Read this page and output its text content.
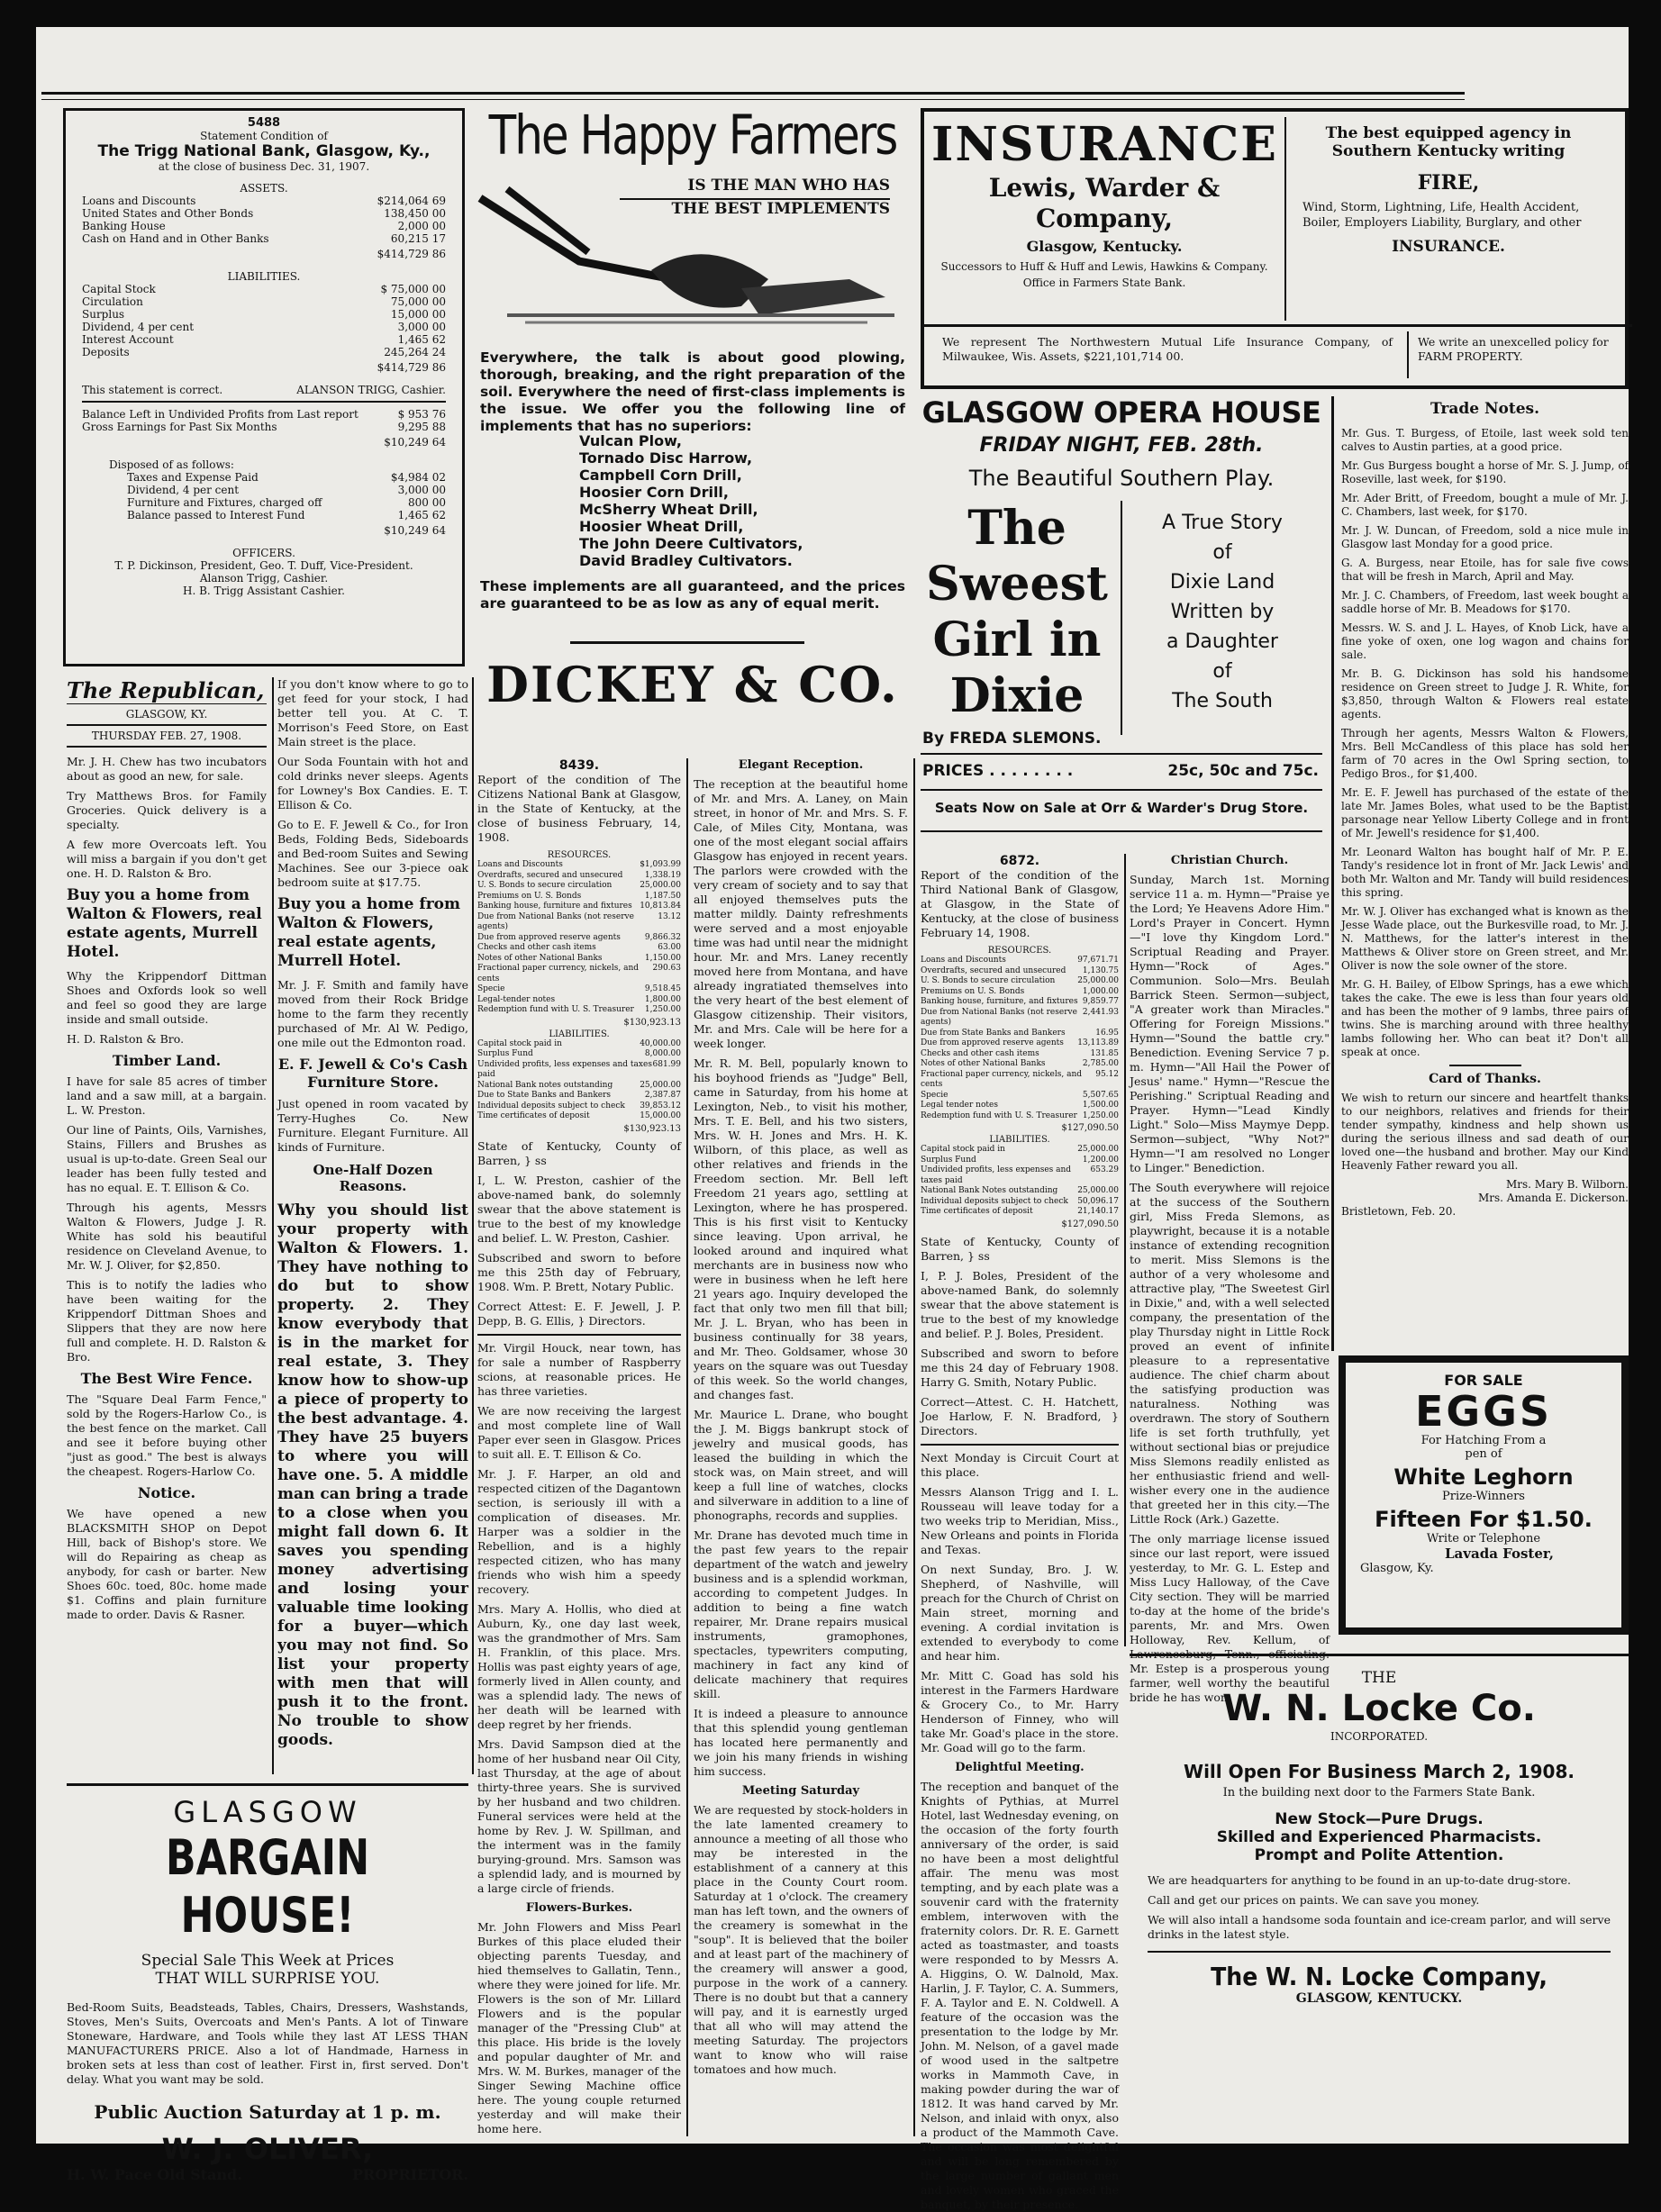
5488
Statement Condition of
The Trigg National Bank, Glasgow, Ky.,
at the close of business Dec. 31, 1907.
ASSETS.
Loans and Discounts	$214,064 69
United States and Other Bonds	138,450 00
Banking House	2,000 00
Cash on Hand and in Other Banks	60,215 17
$414,729 86
LIABILITIES.
Capital Stock	$ 75,000 00
Circulation	75,000 00
Surplus	15,000 00
Dividend, 4 per cent	3,000 00
Interest Account	1,465 62
Deposits	245,264 24
$414,729 86
This statement is correct.	ALANSON TRIGG, Cashier.
Balance Left in Undivided Profits from Last report	$ 953 76
Gross Earnings for Past Six Months	9,295 88
$10,249 64
Disposed of as follows:
Taxes and Expense Paid	$4,984 02
Dividend, 4 per cent	3,000 00
Furniture and Fixtures, charged off	800 00
Balance passed to Interest Fund	1,465 62
$10,249 64
OFFICERS.
T. P. Dickinson, President, Geo. T. Duff, Vice-President.
Alanson Trigg, Cashier.
H. B. Trigg Assistant Cashier.
The Happy Farmers
IS THE MAN WHO HAS
THE BEST IMPLEMENTS
Everywhere, the talk is about good plowing, thorough, breaking, and the right preparation of the soil. Everywhere the need of first-class implements is the issue. We offer you the following line of implements that has no superiors:
Vulcan Plow,
Tornado Disc Harrow,
Campbell Corn Drill,
Hoosier Corn Drill,
McSherry Wheat Drill,
Hoosier Wheat Drill,
The John Deere Cultivators,
David Bradley Cultivators.
These implements are all guaranteed, and the prices are guaranteed to be as low as any of equal merit.
DICKEY & CO.
INSURANCE
Lewis, Warder & Company,
Glasgow, Kentucky.
Successors to Huff & Huff and Lewis, Hawkins & Company.
Office in Farmers State Bank.
The best equipped agency in Southern Kentucky writing
FIRE,
Wind, Storm, Lightning, Life, Health Accident, Boiler, Employers Liability, Burglary, and other
INSURANCE.
We represent The Northwestern Mutual Life Insurance Company, of Milwaukee, Wis. Assets, $221,101,714 00.
We write an unexcelled policy for FARM PROPERTY.
GLASGOW OPERA HOUSE
FRIDAY NIGHT, FEB. 28th.
The Beautiful Southern Play.
The
Sweest
Girl in
Dixie
A True Story
of
Dixie Land
Written by
a Daughter
of
The South
By FREDA SLEMONS.
PRICES . . . . . . . .	25c, 50c and 75c.
Seats Now on Sale at Orr & Warder's Drug Store.
Trade Notes.

Mr. Gus. T. Burgess, of Etoile, last week sold ten calves to Austin parties, at a good price.

Mr. Gus Burgess bought a horse of Mr. S. J. Jump, of Roseville, last week, for $190.

Mr. Ader Britt, of Freedom, bought a mule of Mr. J. C. Chambers, last week, for $170.

Mr. J. W. Duncan, of Freedom, sold a nice mule in Glasgow last Monday for a good price.

G. A. Burgess, near Etoile, has for sale five cows that will be fresh in March, April and May.

Mr. J. C. Chambers, of Freedom, last week bought a saddle horse of Mr. B. Meadows for $170.

Messrs. W. S. and J. L. Hayes, of Knob Lick, have a fine yoke of oxen, one log wagon and chains for sale.

Mr. B. G. Dickinson has sold his handsome residence on Green street to Judge J. R. White, for $3,850, through Walton & Flowers real estate agents.

Through her agents, Messrs Walton & Flowers, Mrs. Bell McCandless of this place has sold her farm of 70 acres in the Owl Spring section, to Pedigo Bros., for $1,400.

Mr. E. F. Jewell has purchased of the estate of the late Mr. James Boles, what used to be the Baptist parsonage near Yellow Liberty College and in front of Mr. Jewell's residence for $1,400.

Mr. Leonard Walton has bought half of Mr. P. E. Tandy's residence lot in front of Mr. Jack Lewis' and both Mr. Walton and Mr. Tandy will build residences this spring.

Mr. W. J. Oliver has exchanged what is known as the Jesse Wade place, out the Burkesville road, to Mr. J. N. Matthews, for the latter's interest in the Matthews & Oliver store on Green street, and Mr. Oliver is now the sole owner of the store.

Mr. G. H. Bailey, of Elbow Springs, has a ewe which takes the cake. The ewe is less than four years old and has been the mother of 9 lambs, three pairs of twins. She is marching around with three healthy lambs following her. Who can beat it? Don't all speak at once.

Card of Thanks.

We wish to return our sincere and heartfelt thanks to our neighbors, relatives and friends for their tender sympathy, kindness and help shown us during the serious illness and sad death of our loved one—the husband and brother. May our Kind Heavenly Father reward you all.

Mrs. Mary B. Wilborn.
Mrs. Amanda E. Dickerson.
Bristletown, Feb. 20.
FOR SALE
EGGS
For Hatching From a pen of
White Leghorn
Prize-Winners
Fifteen For $1.50.
Write or Telephone
Lavada Foster,
Glasgow, Ky.
The Republican,
GLASGOW, KY.
THURSDAY FEB. 27, 1908.

Mr. J. H. Chew has two incubators about as good an new, for sale.

Try Matthews Bros. for Family Groceries. Quick delivery is a specialty.

A few more Overcoats left. You will miss a bargain if you don't get one. H. D. Ralston & Bro.

Buy you a home from Walton & Flowers, real estate agents, Murrell Hotel.

Why the Krippendorf Dittman Shoes and Oxfords look so well and feel so good they are large inside and small outside.

H. D. Ralston & Bro.

Timber Land.

I have for sale 85 acres of timber land and a saw mill, at a bargain. L. W. Preston.

Our line of Paints, Oils, Varnishes, Stains, Fillers and Brushes as usual is up-to-date. Green Seal our leader has been fully tested and has no equal. E. T. Ellison & Co.

Through his agents, Messrs Walton & Flowers, Judge J. R. White has sold his beautiful residence on Cleveland Avenue, to Mr. W. J. Oliver, for $2,850.

This is to notify the ladies who have been waiting for the Krippendorf Dittman Shoes and Slippers that they are now here full and complete. H. D. Ralston & Bro.

The Best Wire Fence.

The "Square Deal Farm Fence," sold by the Rogers-Harlow Co., is the best fence on the market. Call and see it before buying other "just as good." The best is always the cheapest. Rogers-Harlow Co.

Notice.

We have opened a new BLACKSMITH SHOP on Depot Hill, back of Bishop's store. We will do Repairing as cheap as anybody, for cash or barter. New Shoes 60c. toed, 80c. home made $1. Coffins and plain furniture made to order. Davis & Rasner.

If you don't know where to go to get feed for your stock, I had better tell you. At C. T. Morrison's Feed Store, on East Main street is the place.

Our Soda Fountain with hot and cold drinks never sleeps. Agents for Lowney's Box Candies. E. T. Ellison & Co.

Go to E. F. Jewell & Co., for Iron Beds, Folding Beds, Sideboards and Bed-room Suites and Sewing Machines. See our 3-piece oak bedroom suite at $17.75.

Buy you a home from Walton & Flowers, real estate agents, Murrell Hotel.

Mr. J. F. Smith and family have moved from their Rock Bridge home to the farm they recently purchased of Mr. Al W. Pedigo, one mile out the Edmonton road.

E. F. Jewell & Co's Cash Furniture Store.

Just opened in room vacated by Terry-Hughes Co. New Furniture. Elegant Furniture. All kinds of Furniture.

One-Half Dozen Reasons.

Why you should list your property with Walton & Flowers. 1. They have nothing to do but to show property. 2. They know everybody that is in the market for real estate, 3. They know how to show-up a piece of property to the best advantage. 4. They have 25 buyers to where you will have one. 5. A middle man can bring a trade to a close when you might fall down 6. It saves you spending money advertising and losing your valuable time looking for a buyer—which you may not find. So list your property with men that will push it to the front. No trouble to show goods.

GLASGOW
BARGAIN HOUSE!
Special Sale This Week at Prices
THAT WILL SURPRISE YOU.

Bed-Room Suits, Beadsteads, Tables, Chairs, Dressers, Washstands, Stoves, Men's Suits, Overcoats and Men's Pants. A lot of Tinware Stoneware, Hardware, and Tools while they last AT LESS THAN MANUFACTURERS PRICE. Also a lot of Handmade, Harness in broken sets at less than cost of leather. First in, first served. Don't delay. What you want may be sold.

Public Auction Saturday at 1 p. m.
W. J. OLIVER,
H. W. Pace Old Stand.	PROPRIETOR.
8439.

Report of the condition of The Citizens National Bank at Glasgow, in the State of Kentucky, at the close of business February, 14, 1908.

RESOURCES.
Loans and Discounts	$1,093.99
Overdrafts, secured and unsecured	1,338.19
U. S. Bonds to secure circulation	25,000.00
Premiums on U. S. Bonds	1,187.50
Banking house, furniture and fixtures 10,813.84
Due from National Banks (not reserve agents)
13.12
Due from approved reserve agents	9,866.32
Checks and other cash items	63.00
Notes of other National Banks	1,150.00
Fractional paper currency, nickels, and cents
290.63
Specie	9,518.45
Legal-tender notes	1,800.00
Redemption fund with U. S. Treasurer 1,250.00
$130,923.13
LIABILITIES.
Capital stock paid in	40,000.00
Surplus Fund	8,000.00
Undivided profits, less expenses and taxes paid
681.99
National Bank notes outstanding	25,000.00
Due to State Banks and Bankers	2,387.87
Individual deposits subject to check 39,853.12
Time certificates of deposit	15,000.00
$130,923.13

State of Kentucky, County of Barren, } ss

I, L. W. Preston, cashier of the above-named bank, do solemnly swear that the above statement is true to the best of my knowledge and belief. L. W. Preston, Cashier.

Subscribed and sworn to before me this 25th day of February, 1908. Wm. P. Brett, Notary Public.

Correct Attest: E. F. Jewell, J. P. Depp, B. G. Ellis, } Directors.

Mr. Virgil Houck, near town, has for sale a number of Raspberry scions, at reasonable prices. He has three varieties.

We are now receiving the largest and most complete line of Wall Paper ever seen in Glasgow. Prices to suit all. E. T. Ellison & Co.

Mr. J. F. Harper, an old and respected citizen of the Dagantown section, is seriously ill with a complication of diseases. Mr. Harper was a soldier in the Rebellion, and is a highly respected citizen, who has many friends who wish him a speedy recovery.

Mrs. Mary A. Hollis, who died at Auburn, Ky., one day last week, was the grandmother of Mrs. Sam H. Franklin, of this place. Mrs. Hollis was past eighty years of age, formerly lived in Allen county, and was a splendid lady. The news of her death will be learned with deep regret by her friends.

Mrs. David Sampson died at the home of her husband near Oil City, last Thursday, at the age of about thirty-three years. She is survived by her husband and two children. Funeral services were held at the home by Rev. J. W. Spillman, and the interment was in the family burying-ground. Mrs. Samson was a splendid lady, and is mourned by a large circle of friends.

Flowers-Burkes.

Mr. John Flowers and Miss Pearl Burkes of this place eluded their objecting parents Tuesday, and hied themselves to Gallatin, Tenn., where they were joined for life. Mr. Flowers is the son of Mr. Lillard Flowers and is the popular manager of the "Pressing Club" at this place. His bride is the lovely and popular daughter of Mr. and Mrs. W. M. Burkes, manager of the Singer Sewing Machine office here. The young couple returned yesterday and will make their home here.

Elegant Reception.

The reception at the beautiful home of Mr. and Mrs. A. Laney, on Main street, in honor of Mr. and Mrs. S. F. Cale, of Miles City, Montana, was one of the most elegant social affairs Glasgow has enjoyed in recent years. The parlors were crowded with the very cream of society and to say that all enjoyed themselves puts the matter mildly. Dainty refreshments were served and a most enjoyable time was had until near the midnight hour. Mr. and Mrs. Laney recently moved here from Montana, and have already ingratiated themselves into the very heart of the best element of Glasgow citizenship. Their visitors, Mr. and Mrs. Cale will be here for a week longer.

Mr. R. M. Bell, popularly known to his boyhood friends as "Judge" Bell, came in Saturday, from his home at Lexington, Neb., to visit his mother, Mrs. T. E. Bell, and his two sisters, Mrs. W. H. Jones and Mrs. H. K. Wilborn, of this place, as well as other relatives and friends in the Freedom section. Mr. Bell left Freedom 21 years ago, settling at Lexington, where he has prospered. This is his first visit to Kentucky since leaving. Upon arrival, he looked around and inquired what merchants are in business now who were in business when he left here 21 years ago. Inquiry developed the fact that only two men fill that bill; Mr. J. L. Bryan, who has been in business continually for 38 years, and Mr. Theo. Goldsamer, whose 30 years on the square was out Tuesday of this week. So the world changes, and changes fast.

Mr. Maurice L. Drane, who bought the J. M. Biggs bankrupt stock of jewelry and musical goods, has leased the building in which the stock was, on Main street, and will keep a full line of watches, clocks and silverware in addition to a line of phonographs, records and supplies.

Mr. Drane has devoted much time in the past few years to the repair department of the watch and jewelry business and is a splendid workman, according to competent Judges. In addition to being a fine watch repairer, Mr. Drane repairs musical instruments, gramophones, spectacles, typewriters computing, machinery in fact any kind of delicate machinery that requires skill.

It is indeed a pleasure to announce that this splendid young gentleman has located here permanently and we join his many friends in wishing him success.

Meeting Saturday

We are requested by stock-holders in the late lamented creamery to announce a meeting of all those who may be interested in the establishment of a cannery at this place in the County Court room. Saturday at 1 o'clock. The creamery man has left town, and the owners of the creamery is somewhat in the "soup". It is believed that the boiler and at least part of the machinery of the creamery will answer a good, purpose in the work of a cannery. There is no doubt but that a cannery will pay, and it is earnestly urged that all who will may attend the meeting Saturday. The projectors want to know who will raise tomatoes and how much.

6872.

Report of the condition of the Third National Bank of Glasgow, at Glasgow, in the State of Kentucky, at the close of business February 14, 1908.

RESOURCES.
Loans and Discounts	97,671.71
Overdrafts, secured and unsecured 1,130.75
U. S. Bonds to secure circulation	25,000.00
Premiums on U. S. Bonds	1,000.00
Banking house, furniture, and fixtures 9,859.77
Due from National Banks (not reserve agents)
2,441.93
Due from State Banks and Bankers	16.95
Due from approved reserve agents 13,113.89
Checks and other cash items	131.85
Notes of other National Banks	2,785.00
Fractional paper currency, nickels, and cents
95.12
Specie	5,507.65
Legal tender notes	1,500.00
Redemption fund with U. S. Treasurer 1,250.00
$127,090.50
LIABILITIES.
Capital stock paid in	25,000.00
Surplus Fund	1,200.00
Undivided profits, less expenses and taxes paid
653.29
National Bank Notes outstanding 25,000.00
Individual deposits subject to check 50,096.17
Time certificates of deposit	21,140.17
$127,090.50

State of Kentucky, County of Barren, } ss

I, P. J. Boles, President of the above-named Bank, do solemnly swear that the above statement is true to the best of my knowledge and belief. P. J. Boles, President.

Subscribed and sworn to before me this 24 day of February 1908. Harry G. Smith, Notary Public.

Correct—Attest. C. H. Hatchett, Joe Harlow, F. N. Bradford, } Directors.

Next Monday is Circuit Court at this place.

Messrs Alanson Trigg and I. L. Rousseau will leave today for a two weeks trip to Meridian, Miss., New Orleans and points in Florida and Texas.

On next Sunday, Bro. J. W. Shepherd, of Nashville, will preach for the Church of Christ on Main street, morning and evening. A cordial invitation is extended to everybody to come and hear him.

Mr. Mitt C. Goad has sold his interest in the Farmers Hardware & Grocery Co., to Mr. Harry Henderson of Finney, who will take Mr. Goad's place in the store. Mr. Goad will go to the farm.

Delightful Meeting.

The reception and banquet of the Knights of Pythias, at Murrel Hotel, last Wednesday evening, on the occasion of the forty fourth anniversary of the order, is said no have been a most delightful affair. The menu was most tempting, and by each plate was a souvenir card with the fraternity emblem, interwoven with the fraternity colors. Dr. R. E. Garnett acted as toastmaster, and toasts were responded to by Messrs A. A. Higgins, O. W. Dalnold, Max. Harlin, J. F. Taylor, C. A. Summers, F. A. Taylor and E. N. Coldwell. A feature of the occasion was the presentation to the lodge by Mr. John. M. Nelson, of a gavel made of wood used in the saltpetre works in Mammoth Cave, in making powder during the war of 1812. It was hand carved by Mr. Nelson, and inlaid with onyx, also a product of the Mammoth Cave. The occasion was most delightful and will be long remembered by the large number of gallant men and lovely women who graced the banquet, by their presence.

Christian Church.

Sunday, March 1st. Morning service 11 a. m. Hymn—"Praise ye the Lord; Ye Heavens Adore Him." Lord's Prayer in Concert. Hymn—"I love thy Kingdom Lord." Scriptual Reading and Prayer. Hymn—"Rock of Ages." Communion. Solo—Mrs. Beulah Barrick Steen. Sermon—subject, "A greater work than Miracles." Offering for Foreign Missions." Hymn—"Sound the battle cry." Benediction. Evening Service 7 p. m. Hymn—"All Hail the Power of Jesus' name." Hymn—"Rescue the Perishing." Scriptual Reading and Prayer. Hymn—"Lead Kindly Light." Solo—Miss Maymye Depp. Sermon—subject, "Why Not?" Hymn—"I am resolved no Longer to Linger." Benediction.

The South everywhere will rejoice at the success of the Southern girl, Miss Freda Slemons, as playwright, because it is a notable instance of extending recognition to merit. Miss Slemons is the author of a very wholesome and attractive play, "The Sweetest Girl in Dixie," and, with a well selected company, the presentation of the play Thursday night in Little Rock proved an event of infinite pleasure to a representative audience. The chief charm about the satisfying production was naturalness. Nothing was overdrawn. The story of Southern life is set forth truthfully, yet without sectional bias or prejudice Miss Slemons readily enlisted as her enthusiastic friend and well-wisher every one in the audience that greeted her in this city.—The Little Rock (Ark.) Gazette.

The only marriage license issued since our last report, were issued yesterday, to Mr. G. L. Estep and Miss Lucy Halloway, of the Cave City section. They will be married to-day at the home of the bride's parents, Mr. and Mrs. Owen Holloway, Rev. Kellum, of Lawrenceburg, Tenn., officiating. Mr. Estep is a prosperous young farmer, well worthy the beautiful bride he has won.

THE
W. N. Locke Co.
INCORPORATED.
Will Open For Business March 2, 1908.
In the building next door to the Farmers State Bank.
New Stock—Pure Drugs.
Skilled and Experienced Pharmacists.
Prompt and Polite Attention.

We are headquarters for anything to be found in an up-to-date drug-store.

Call and get our prices on paints. We can save you money.

We will also intall a handsome soda fountain and ice-cream parlor, and will serve drinks in the latest style.

The W. N. Locke Company,
GLASGOW, KENTUCKY.
